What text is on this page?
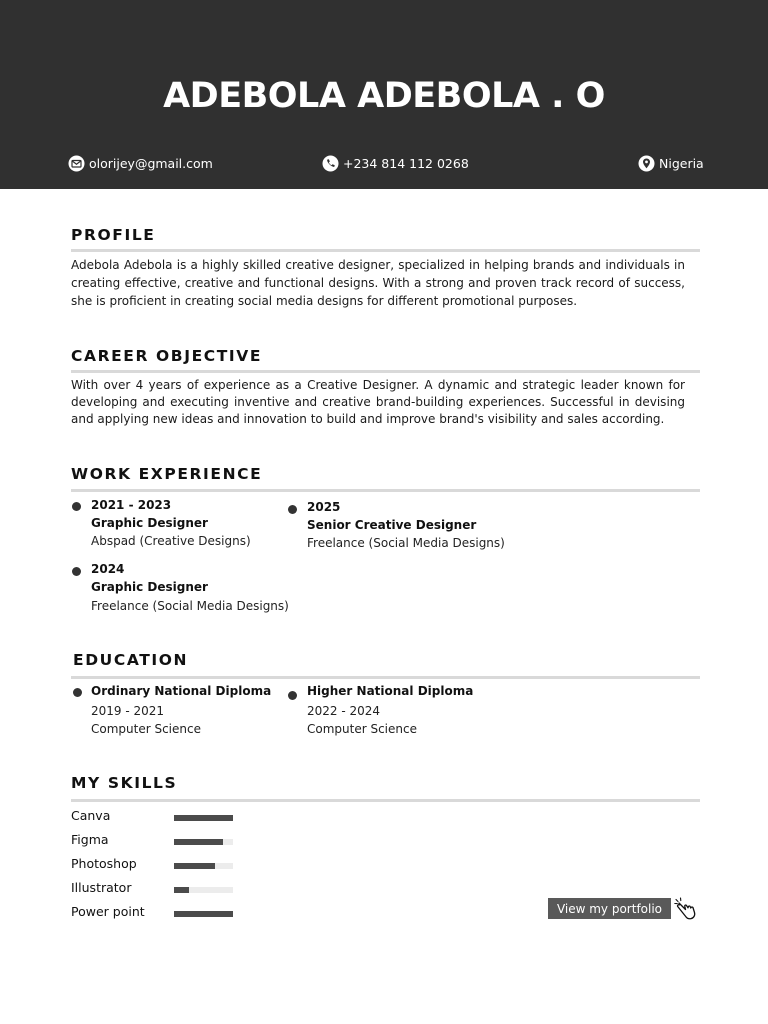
ADEBOLA ADEBOLA . O
olorijey@gmail.com	+234 814 112 0268	Nigeria
PROFILE
Adebola Adebola is a highly skilled creative designer, specialized in helping brands and individuals in creating effective, creative and functional designs. With a strong and proven track record of success, she is proficient in creating social media designs for different promotional purposes.
CAREER OBJECTIVE
With over 4 years of experience as a Creative Designer. A dynamic and strategic leader known for developing and executing inventive and creative brand-building experiences. Successful in devising and applying new ideas and innovation to build and improve brand's visibility and sales according.
WORK EXPERIENCE
2021 - 2023
Graphic Designer
Abspad (Creative Designs)
2025
Senior Creative Designer
Freelance (Social Media Designs)
2024
Graphic Designer
Freelance (Social Media Designs)
EDUCATION
Ordinary National Diploma
2019 - 2021
Computer Science
Higher National Diploma
2022 - 2024
Computer Science
MY SKILLS
Canva
Figma
Photoshop
Illustrator
Power point	View my portfolio
